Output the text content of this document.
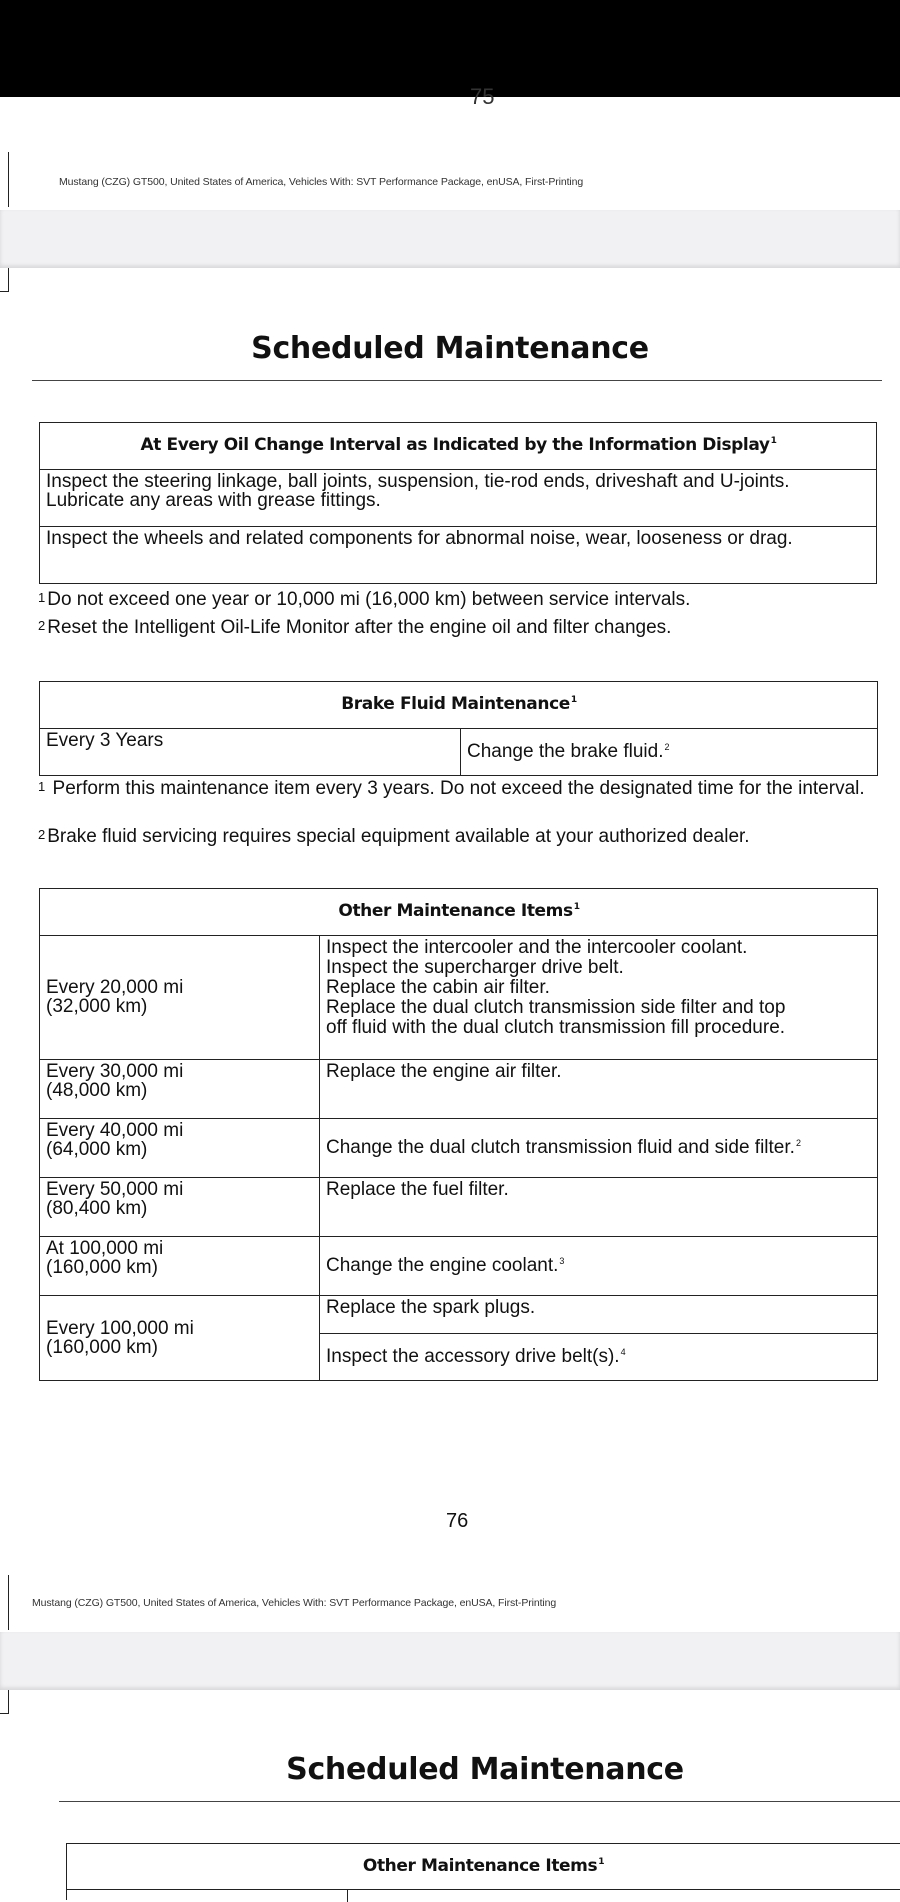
75
Mustang (CZG) GT500, United States of America, Vehicles With: SVT Performance Package, enUSA, First-Printing
Scheduled Maintenance
At Every Oil Change Interval as Indicated by the Information Display$^1$
Inspect the steering linkage, ball joints, suspension, tie-rod ends, driveshaft and U-joints. Lubricate any areas with grease fittings.
Inspect the wheels and related components for abnormal noise, wear, looseness or drag.
$^1$ Do not exceed one year or 10,000 mi (16,000 km) between service intervals.
$^2$ Reset the Intelligent Oil-Life Monitor after the engine oil and filter changes.
Brake Fluid Maintenance$^1$
Every 3 Years	Change the brake fluid.$^2$
$^1$ Perform this maintenance item every 3 years. Do not exceed the designated time for the interval.
$^2$ Brake fluid servicing requires special equipment available at your authorized dealer.
Other Maintenance Items$^1$

Every 20,000 mi
(32,000 km)	Inspect the intercooler and the intercooler coolant.
Inspect the supercharger drive belt.
Replace the cabin air filter.
Replace the dual clutch transmission side filter and top
off fluid with the dual clutch transmission fill procedure.

Every 30,000 mi
(48,000 km)	Replace the engine air filter.

Every 40,000 mi
(64,000 km)	Change the dual clutch transmission fluid and side filter.$^2$

Every 50,000 mi
(80,400 km)	Replace the fuel filter.

At 100,000 mi
(160,000 km)	Change the engine coolant.$^3$

Every 100,000 mi
(160,000 km)	Replace the spark plugs.
	Inspect the accessory drive belt(s).$^4$
76
Mustang (CZG) GT500, United States of America, Vehicles With: SVT Performance Package, enUSA, First-Printing
Scheduled Maintenance
Other Maintenance Items$^1$
